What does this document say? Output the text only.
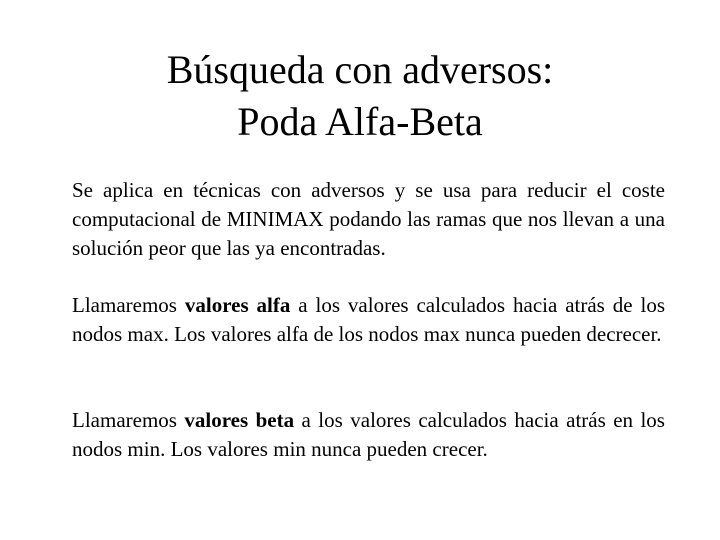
Búsqueda con adversos:
Poda Alfa-Beta

Se aplica en técnicas con adversos y se usa para reducir el coste computacional de MINIMAX podando las ramas que nos llevan a una solución peor que las ya encontradas.

Llamaremos valores alfa a los valores calculados hacia atrás de los nodos max. Los valores alfa de los nodos max nunca pueden decrecer.

Llamaremos valores beta a los valores calculados hacia atrás en los nodos min. Los valores min nunca pueden crecer.
